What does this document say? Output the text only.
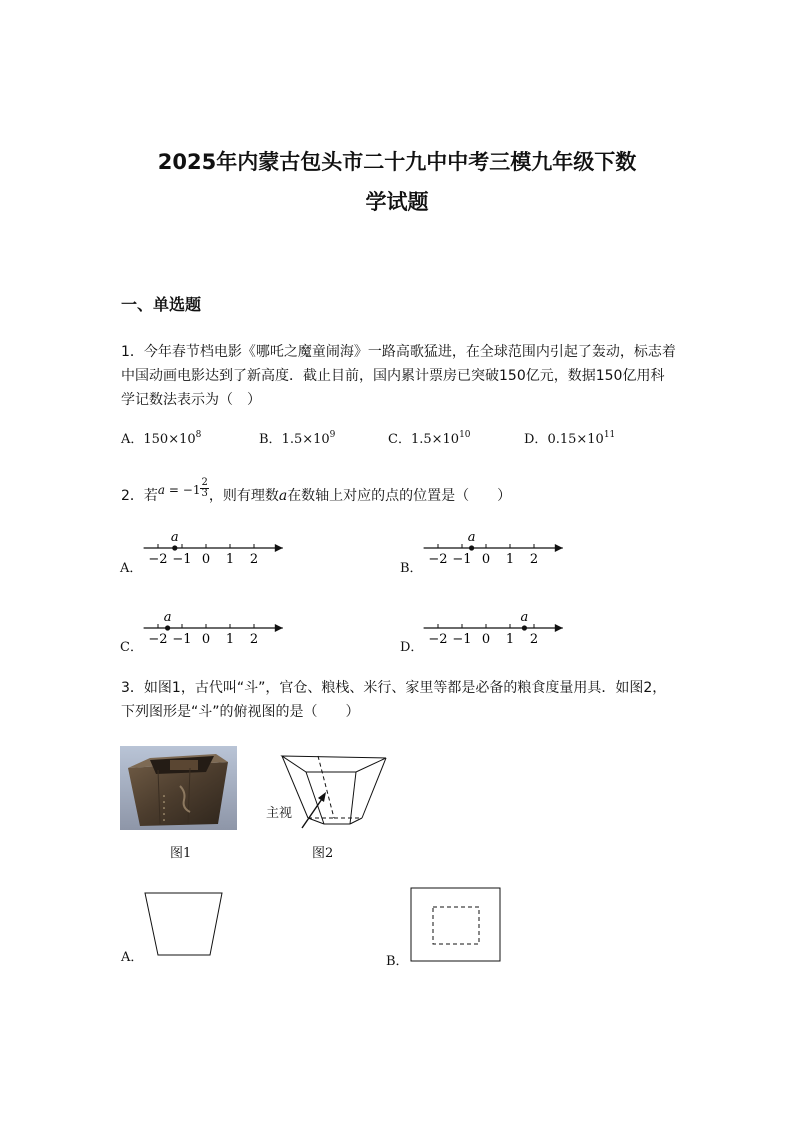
2025年内蒙古包头市二十九中中考三模九年级下数
学试题
一、单选题
1．今年春节档电影《哪吒之魔童闹海》一路高歌猛进，在全球范围内引起了轰动，标志着中国动画电影达到了新高度．截止目前，国内累计票房已突破150亿元，数据150亿用科学记数法表示为（　）
A．$150\times 10^8$	B．$1.5\times 10^9$	C．$1.5\times 10^{10}$	D．$0.15\times 10^{11}$
2．若$a = -1 \frac{2}{3}$ ，则有理数a在数轴上对应的点的位置是（　　）
A．
−2 −1 0 1 2
a
B．
−2 −1 0 1 2
a
C．
−2 −1 0 1 2
a
D．
−2 −1 0 1 2
a
3．如图1，古代叫“斗”，官仓、粮栈、米行、家里等都是必备的粮食度量用具．如图2，下列图形是“斗”的俯视图的是（　　）
图1
主视
图2
A．	B．
